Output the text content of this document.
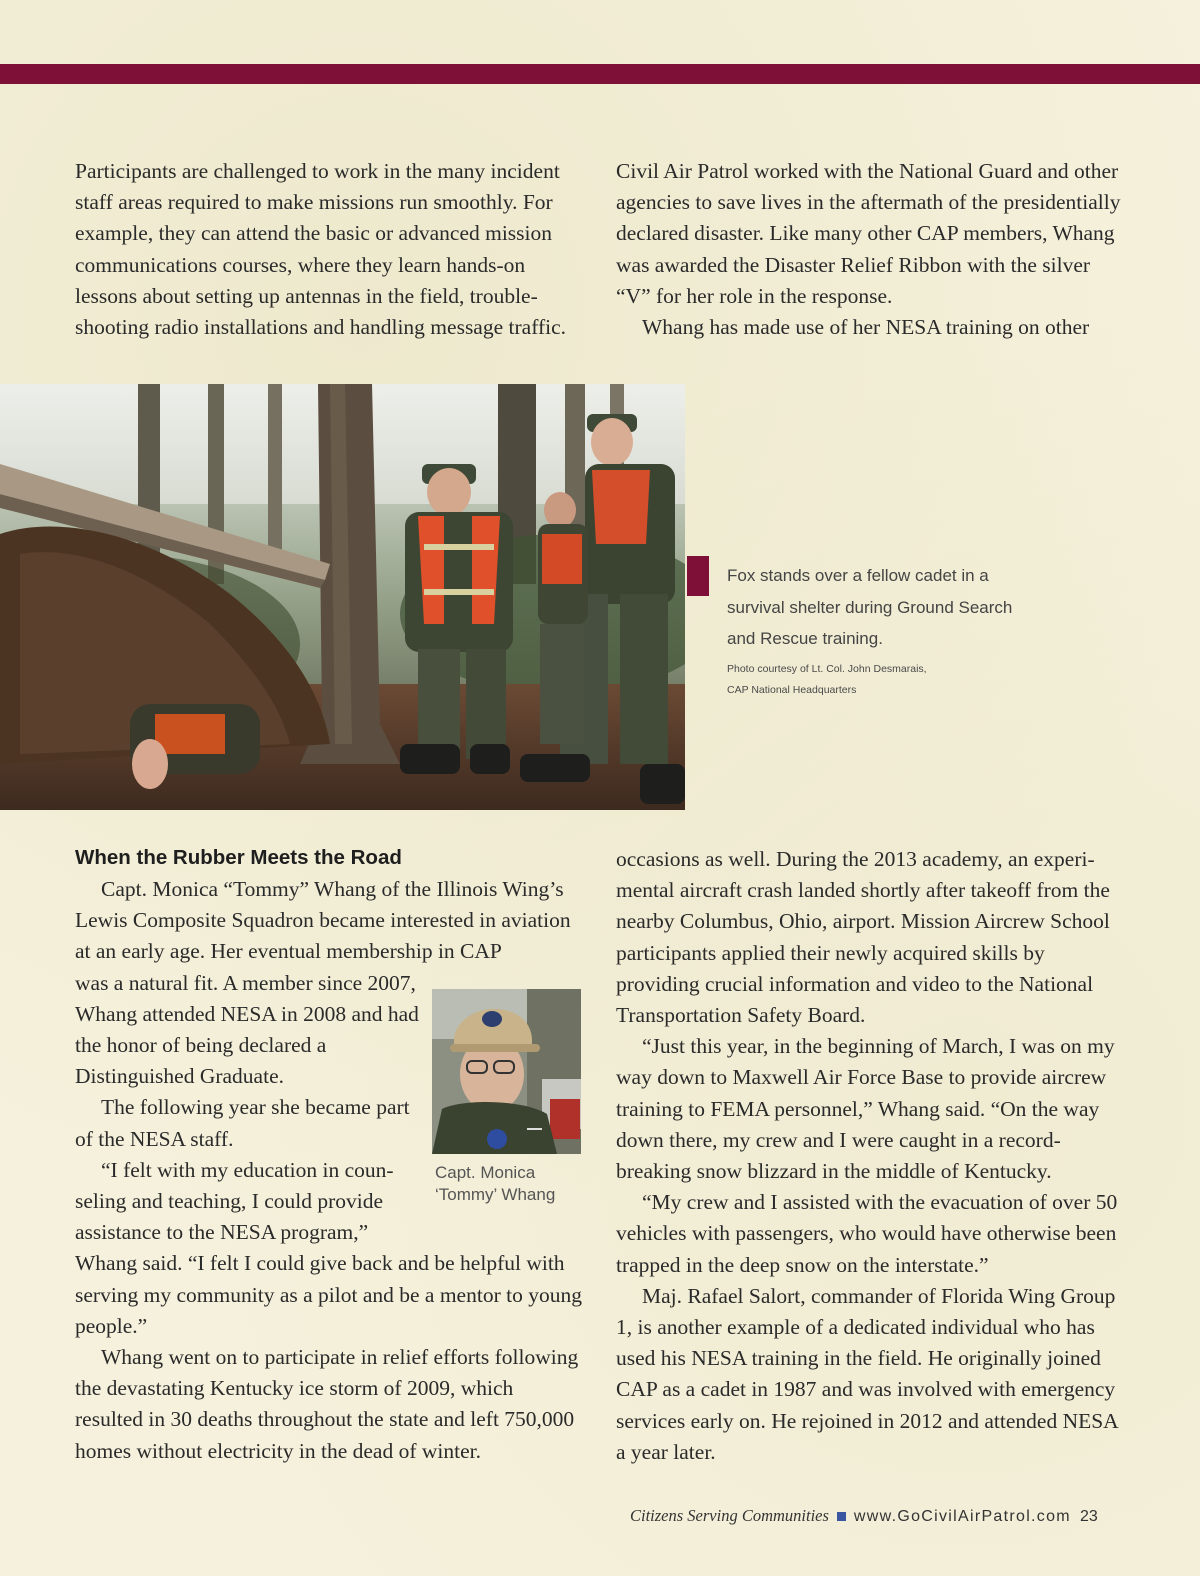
Participants are challenged to work in the many incident staff areas required to make missions run smoothly. For example, they can attend the basic or advanced mission communications courses, where they learn hands-on lessons about setting up antennas in the field, troubleshooting radio installations and handling message traffic.

Civil Air Patrol worked with the National Guard and other agencies to save lives in the aftermath of the presidentially declared disaster. Like many other CAP members, Whang was awarded the Disaster Relief Ribbon with the silver “V” for her role in the response.

Whang has made use of her NESA training on other

Fox stands over a fellow cadet in a survival shelter during Ground Search and Rescue training.

Photo courtesy of Lt. Col. John Desmarais,
CAP National Headquarters

When the Rubber Meets the Road

Capt. Monica “Tommy” Whang of the Illinois Wing’s Lewis Composite Squadron became interested in aviation at an early age. Her eventual membership in CAP

was a natural fit. A member since 2007, Whang attended NESA in 2008 and had the honor of being declared a Distinguished Graduate.

The following year she became part of the NESA staff.

“I felt with my education in counseling and teaching, I could provide assistance to the NESA program,”

Whang said. “I felt I could give back and be helpful with serving my community as a pilot and be a mentor to young people.”

Whang went on to participate in relief efforts following the devastating Kentucky ice storm of 2009, which resulted in 30 deaths throughout the state and left 750,000 homes without electricity in the dead of winter.

Capt. Monica ‘Tommy’ Whang

occasions as well. During the 2013 academy, an experimental aircraft crash landed shortly after takeoff from the nearby Columbus, Ohio, airport. Mission Aircrew School participants applied their newly acquired skills by providing crucial information and video to the National Transportation Safety Board.

“Just this year, in the beginning of March, I was on my way down to Maxwell Air Force Base to provide aircrew training to FEMA personnel,” Whang said. “On the way down there, my crew and I were caught in a record-breaking snow blizzard in the middle of Kentucky.

“My crew and I assisted with the evacuation of over 50 vehicles with passengers, who would have otherwise been trapped in the deep snow on the interstate.”

Maj. Rafael Salort, commander of Florida Wing Group 1, is another example of a dedicated individual who has used his NESA training in the field. He originally joined CAP as a cadet in 1987 and was involved with emergency services early on. He rejoined in 2012 and attended NESA a year later.

Citizens Serving Communities www.GoCivilAirPatrol.com 23
